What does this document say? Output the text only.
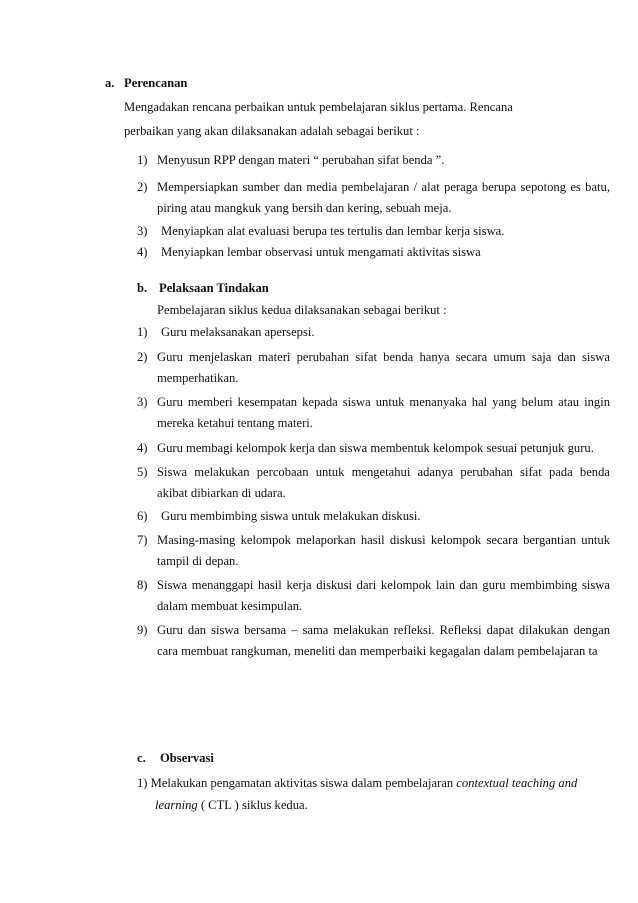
a. Perencanan
Mengadakan rencana perbaikan untuk pembelajaran siklus pertama. Rencana
perbaikan yang akan dilaksanakan adalah sebagai berikut :
1) Menyusun RPP dengan materi “ perubahan sifat benda ”.
2) Mempersiapkan sumber dan media pembelajaran / alat peraga berupa sepotong es batu,
piring atau mangkuk yang bersih dan kering, sebuah meja.
3) Menyiapkan alat evaluasi berupa tes tertulis dan lembar kerja siswa.
4) Menyiapkan lembar observasi untuk mengamati aktivitas siswa
b. Pelaksaan Tindakan
Pembelajaran siklus kedua dilaksanakan sebagai berikut :
1) Guru melaksanakan apersepsi.
2) Guru menjelaskan materi perubahan sifat benda hanya secara umum saja dan siswa
memperhatikan.
3) Guru memberi kesempatan kepada siswa untuk menanyaka hal yang belum atau ingin
mereka ketahui tentang materi.
4) Guru membagi kelompok kerja dan siswa membentuk kelompok sesuai petunjuk guru.
5) Siswa melakukan percobaan untuk mengetahui adanya perubahan sifat pada benda
akibat dibiarkan di udara.
6) Guru membimbing siswa untuk melakukan diskusi.
7) Masing-masing kelompok melaporkan hasil diskusi kelompok secara bergantian untuk
tampil di depan.
8) Siswa menanggapi hasil kerja diskusi dari kelompok lain dan guru membimbing siswa
dalam membuat kesimpulan.
9) Guru dan siswa bersama – sama melakukan refleksi. Refleksi dapat dilakukan dengan
cara membuat rangkuman, meneliti dan memperbaiki kegagalan dalam pembelajaran ta
c. Observasi
1) Melakukan pengamatan aktivitas siswa dalam pembelajaran contextual teaching and
learning ( CTL ) siklus kedua.
